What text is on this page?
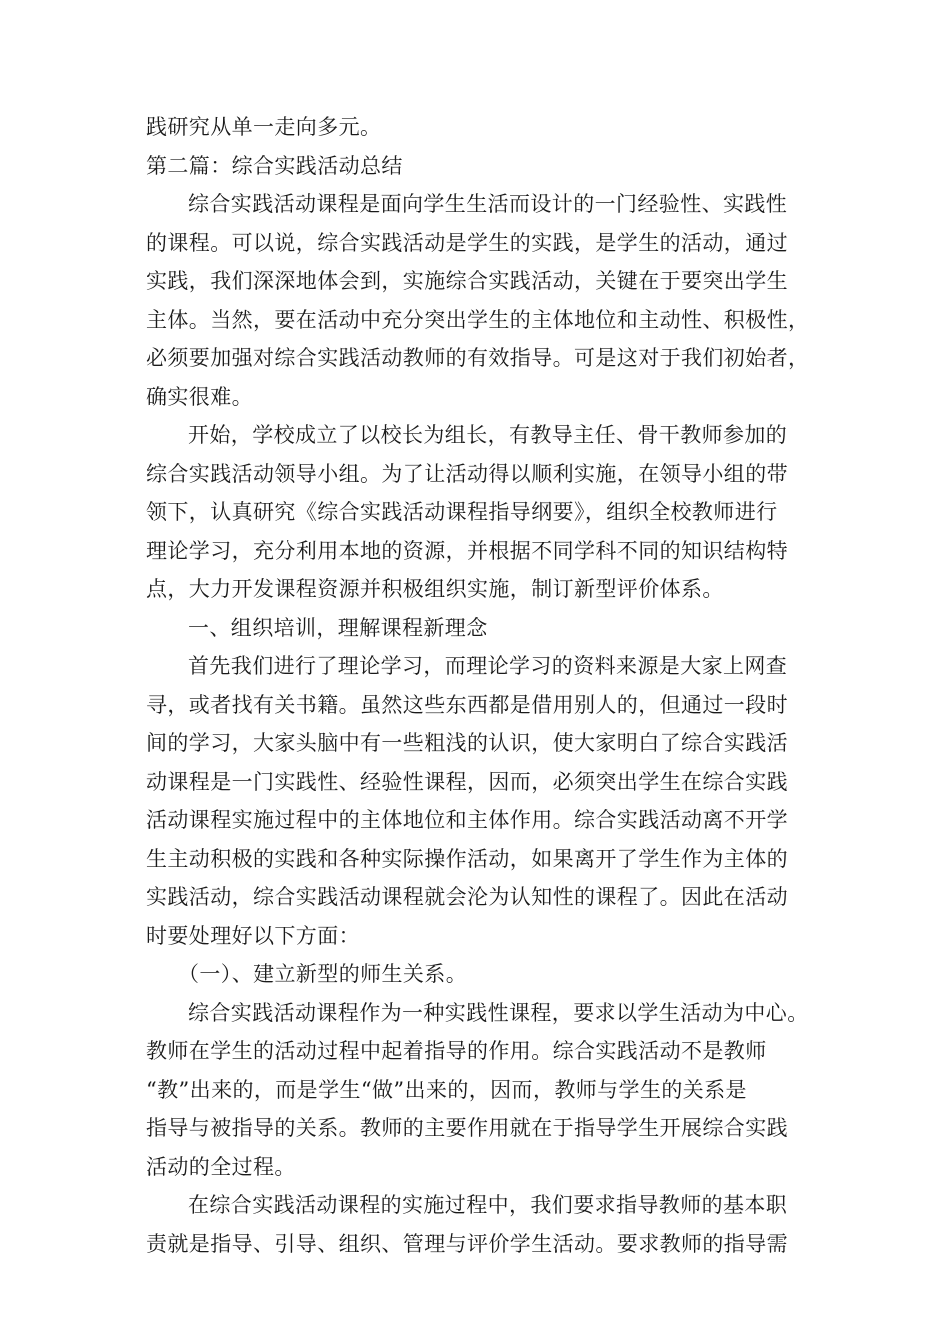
践研究从单一走向多元。

第二篇：综合实践活动总结

综合实践活动课程是面向学生生活而设计的一门经验性、实践性

的课程。可以说，综合实践活动是学生的实践，是学生的活动，通过

实践，我们深深地体会到，实施综合实践活动，关键在于要突出学生

主体。当然，要在活动中充分突出学生的主体地位和主动性、积极性，

必须要加强对综合实践活动教师的有效指导。可是这对于我们初始者，

确实很难。

开始，学校成立了以校长为组长，有教导主任、骨干教师参加的

综合实践活动领导小组。为了让活动得以顺利实施，在领导小组的带

领下，认真研究《综合实践活动课程指导纲要》，组织全校教师进行

理论学习，充分利用本地的资源，并根据不同学科不同的知识结构特

点，大力开发课程资源并积极组织实施，制订新型评价体系。

一、组织培训，理解课程新理念

首先我们进行了理论学习，而理论学习的资料来源是大家上网查

寻，或者找有关书籍。虽然这些东西都是借用别人的，但通过一段时

间的学习，大家头脑中有一些粗浅的认识，使大家明白了综合实践活

动课程是一门实践性、经验性课程，因而，必须突出学生在综合实践

活动课程实施过程中的主体地位和主体作用。综合实践活动离不开学

生主动积极的实践和各种实际操作活动，如果离开了学生作为主体的

实践活动，综合实践活动课程就会沦为认知性的课程了。因此在活动

时要处理好以下方面：

（一）、建立新型的师生关系。

综合实践活动课程作为一种实践性课程，要求以学生活动为中心。

教师在学生的活动过程中起着指导的作用。综合实践活动不是教师

“教”出来的，而是学生“做”出来的，因而，教师与学生的关系是

指导与被指导的关系。教师的主要作用就在于指导学生开展综合实践

活动的全过程。

在综合实践活动课程的实施过程中，我们要求指导教师的基本职

责就是指导、引导、组织、管理与评价学生活动。要求教师的指导需
